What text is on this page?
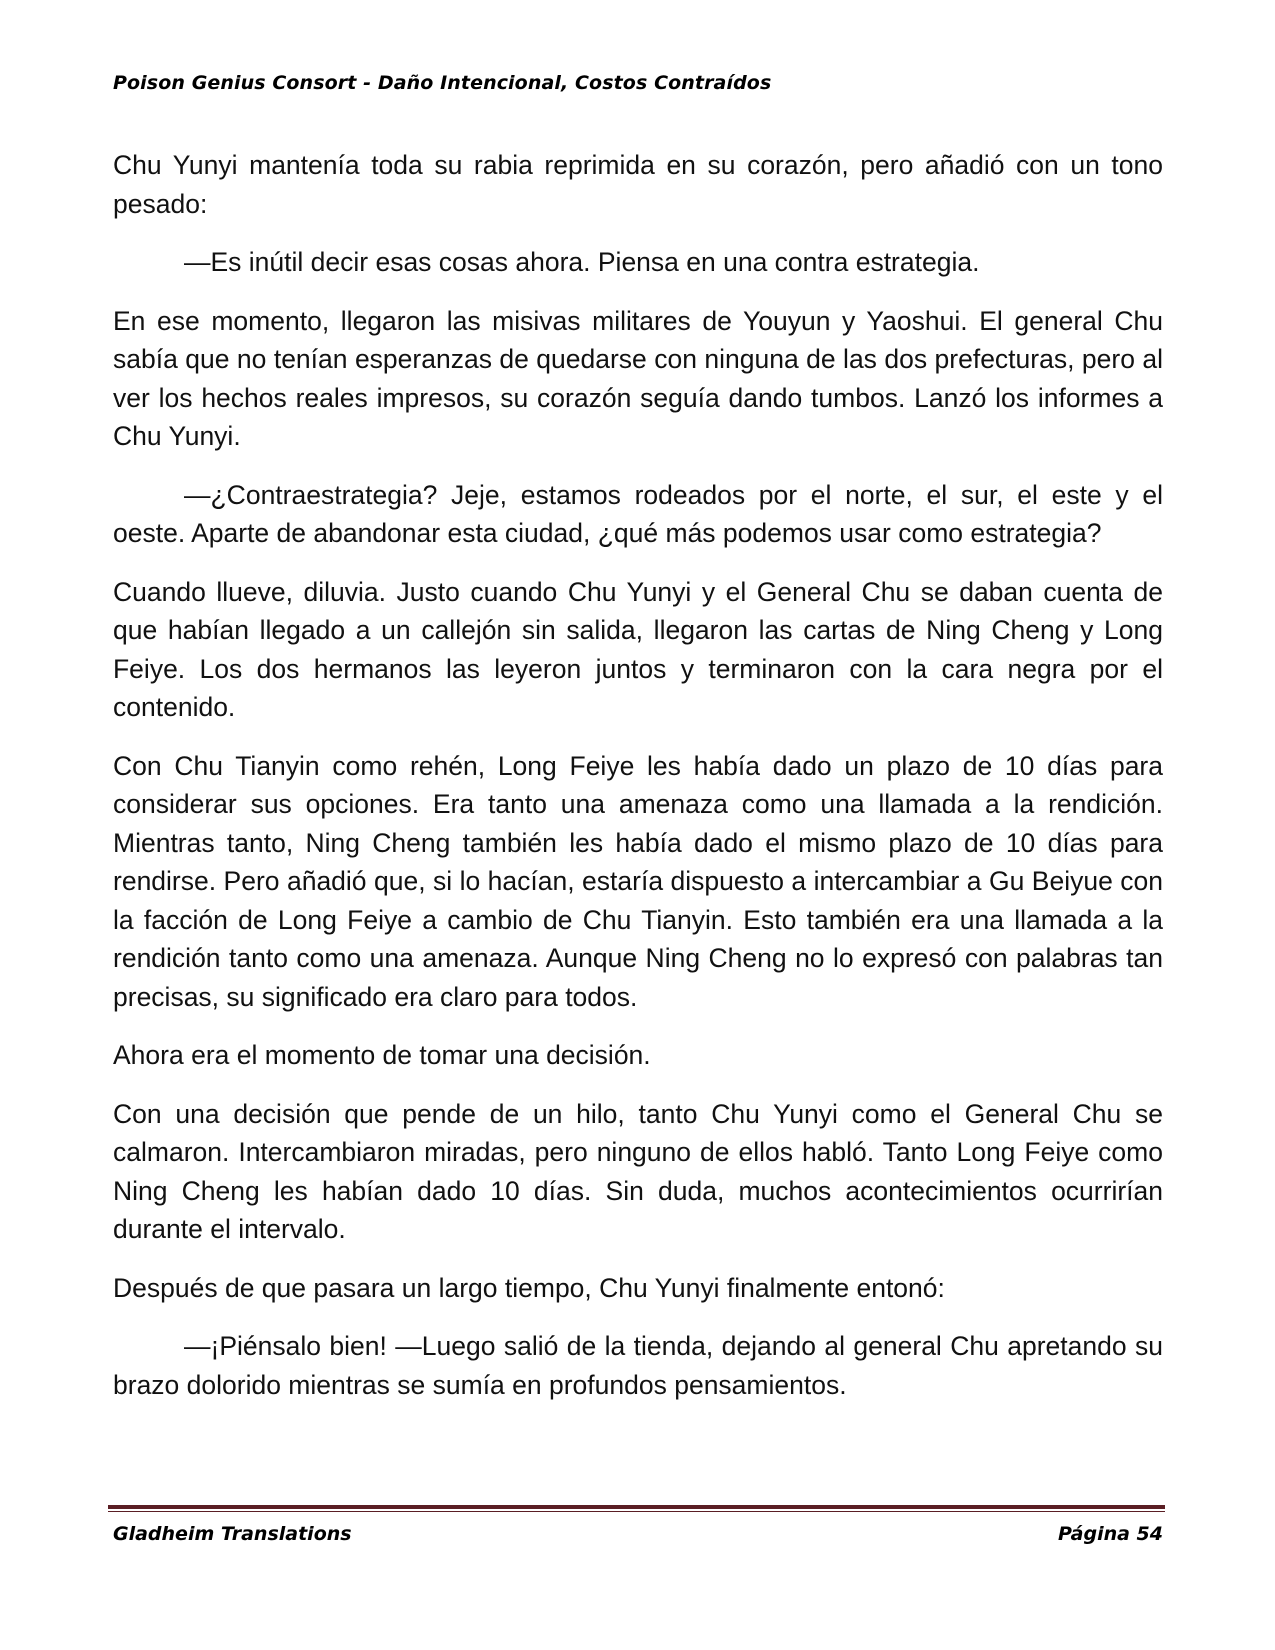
Poison Genius Consort - Daño Intencional, Costos Contraídos

Chu Yunyi mantenía toda su rabia reprimida en su corazón, pero añadió con un tono pesado:

—Es inútil decir esas cosas ahora. Piensa en una contra estrategia.

En ese momento, llegaron las misivas militares de Youyun y Yaoshui. El general Chu sabía que no tenían esperanzas de quedarse con ninguna de las dos prefecturas, pero al ver los hechos reales impresos, su corazón seguía dando tumbos. Lanzó los informes a Chu Yunyi.

—¿Contraestrategia? Jeje, estamos rodeados por el norte, el sur, el este y el oeste. Aparte de abandonar esta ciudad, ¿qué más podemos usar como estrategia?

Cuando llueve, diluvia. Justo cuando Chu Yunyi y el General Chu se daban cuenta de que habían llegado a un callejón sin salida, llegaron las cartas de Ning Cheng y Long Feiye. Los dos hermanos las leyeron juntos y terminaron con la cara negra por el contenido.

Con Chu Tianyin como rehén, Long Feiye les había dado un plazo de 10 días para considerar sus opciones. Era tanto una amenaza como una llamada a la rendición. Mientras tanto, Ning Cheng también les había dado el mismo plazo de 10 días para rendirse. Pero añadió que, si lo hacían, estaría dispuesto a intercambiar a Gu Beiyue con la facción de Long Feiye a cambio de Chu Tianyin. Esto también era una llamada a la rendición tanto como una amenaza. Aunque Ning Cheng no lo expresó con palabras tan precisas, su significado era claro para todos.

Ahora era el momento de tomar una decisión.

Con una decisión que pende de un hilo, tanto Chu Yunyi como el General Chu se calmaron. Intercambiaron miradas, pero ninguno de ellos habló. Tanto Long Feiye como Ning Cheng les habían dado 10 días. Sin duda, muchos acontecimientos ocurrirían durante el intervalo.

Después de que pasara un largo tiempo, Chu Yunyi finalmente entonó:

—¡Piénsalo bien! —Luego salió de la tienda, dejando al general Chu apretando su brazo dolorido mientras se sumía en profundos pensamientos.

Gladheim Translations	Página 54
